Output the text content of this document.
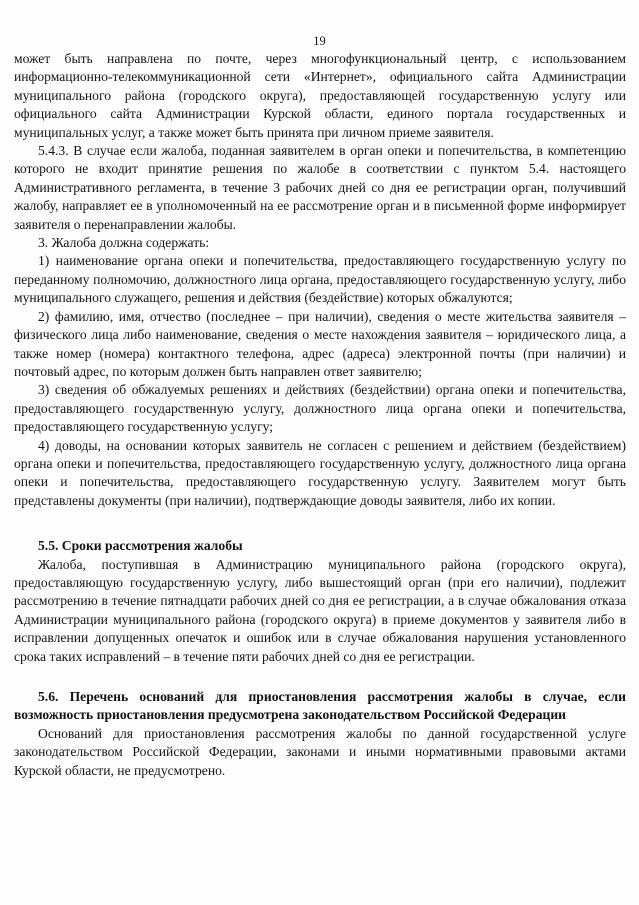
19

может быть направлена по почте, через многофункциональный центр, с использованием информационно-телекоммуникационной сети «Интернет», официального сайта Администрации муниципального района (городского округа), предоставляющей государственную услугу или официального сайта Администрации Курской области, единого портала государственных и муниципальных услуг, а также может быть принята при личном приеме заявителя.

5.4.3. В случае если жалоба, поданная заявителем в орган опеки и попечительства, в компетенцию которого не входит принятие решения по жалобе в соответствии с пунктом 5.4. настоящего Административного регламента, в течение 3 рабочих дней со дня ее регистрации орган, получивший жалобу, направляет ее в уполномоченный на ее рассмотрение орган и в письменной форме информирует заявителя о перенаправлении жалобы.

3. Жалоба должна содержать:

1) наименование органа опеки и попечительства, предоставляющего государственную услугу по переданному полномочию, должностного лица органа, предоставляющего государственную услугу, либо муниципального служащего, решения и действия (бездействие) которых обжалуются;

2) фамилию, имя, отчество (последнее – при наличии), сведения о месте жительства заявителя – физического лица либо наименование, сведения о месте нахождения заявителя – юридического лица, а также номер (номера) контактного телефона, адрес (адреса) электронной почты (при наличии) и почтовый адрес, по которым должен быть направлен ответ заявителю;

3) сведения об обжалуемых решениях и действиях (бездействии) органа опеки и попечительства, предоставляющего государственную услугу, должностного лица органа опеки и попечительства, предоставляющего государственную услугу;

4) доводы, на основании которых заявитель не согласен с решением и действием (бездействием) органа опеки и попечительства, предоставляющего государственную услугу, должностного лица органа опеки и попечительства, предоставляющего государственную услугу. Заявителем могут быть представлены документы (при наличии), подтверждающие доводы заявителя, либо их копии.

5.5. Сроки рассмотрения жалобы

Жалоба, поступившая в Администрацию муниципального района (городского округа), предоставляющую государственную услугу, либо вышестоящий орган (при его наличии), подлежит рассмотрению в течение пятнадцати рабочих дней со дня ее регистрации, а в случае обжалования отказа Администрации муниципального района (городского округа) в приеме документов у заявителя либо в исправлении допущенных опечаток и ошибок или в случае обжалования нарушения установленного срока таких исправлений – в течение пяти рабочих дней со дня ее регистрации.

5.6. Перечень оснований для приостановления рассмотрения жалобы в случае, если возможность приостановления предусмотрена законодательством Российской Федерации

Оснований для приостановления рассмотрения жалобы по данной государственной услуге законодательством Российской Федерации, законами и иными нормативными правовыми актами Курской области, не предусмотрено.
